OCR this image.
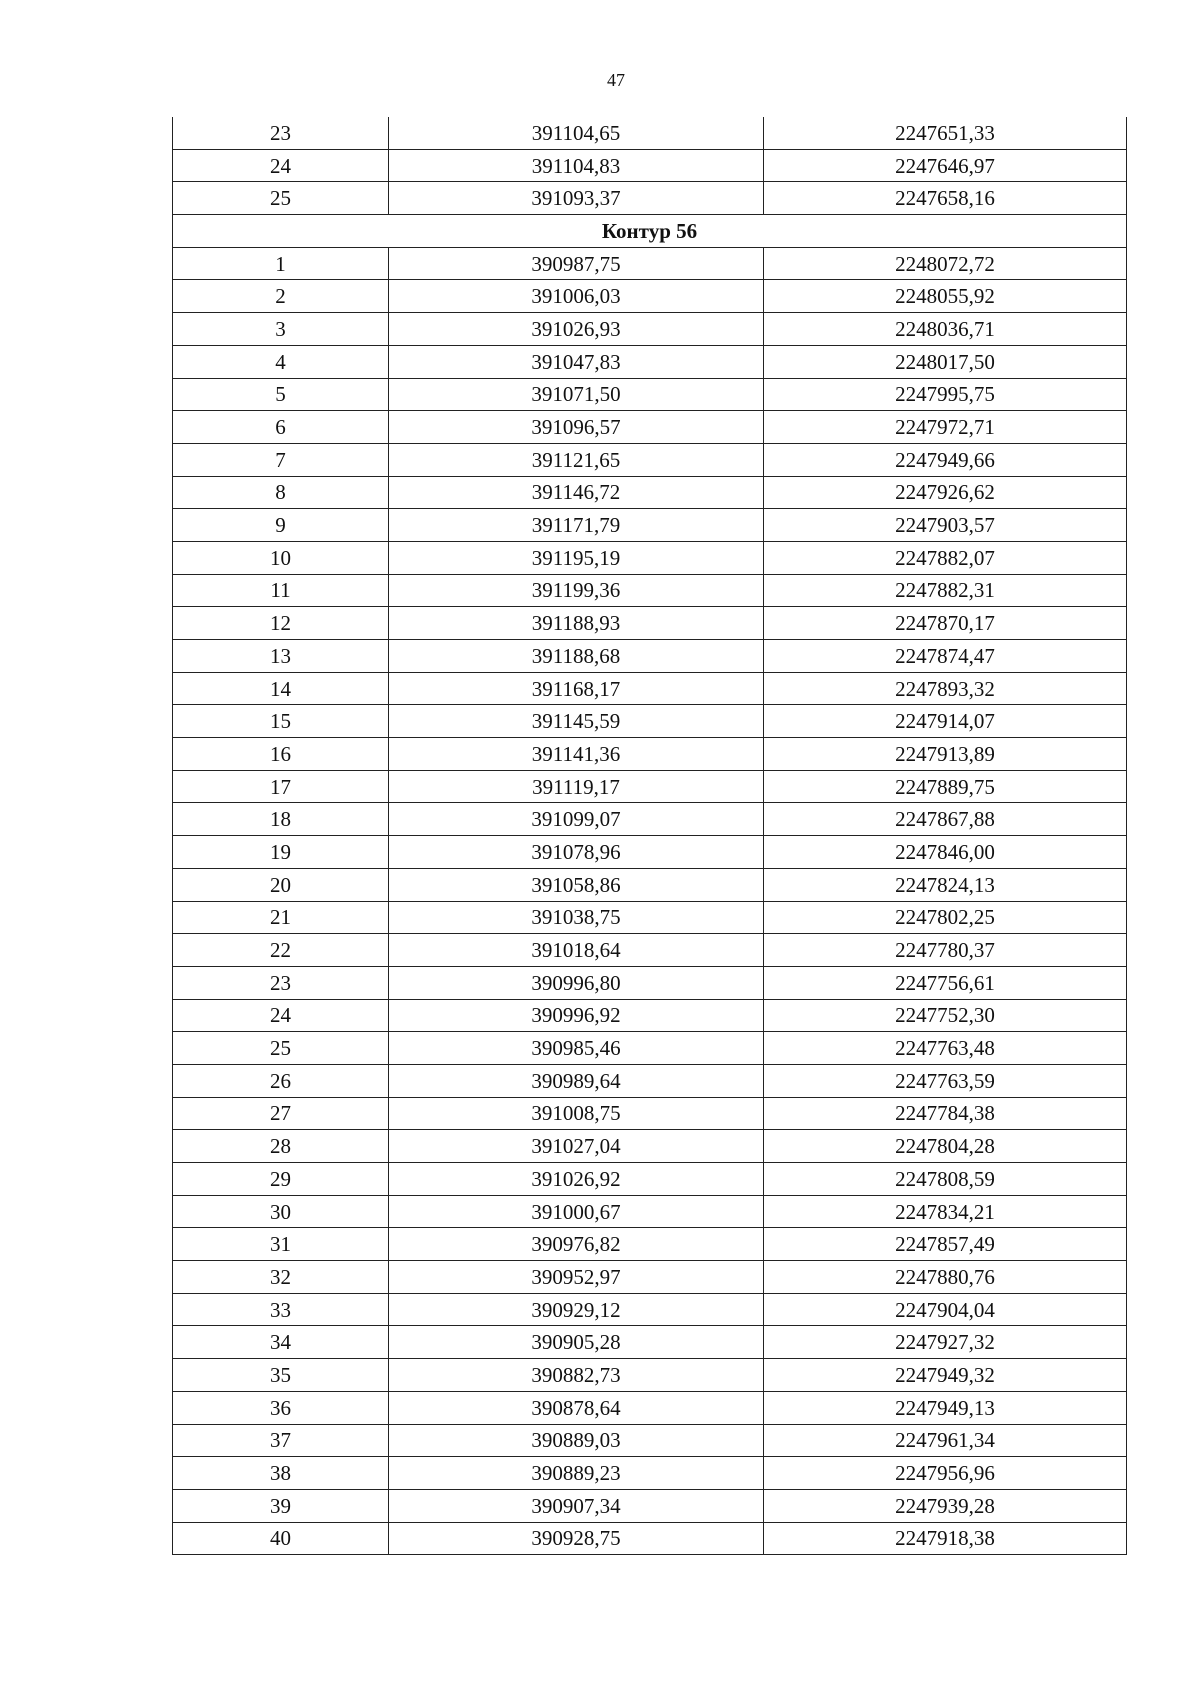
47
23	391104,65	2247651,33
24	391104,83	2247646,97
25	391093,37	2247658,16
Контур 56		
1	390987,75	2248072,72
2	391006,03	2248055,92
3	391026,93	2248036,71
4	391047,83	2248017,50
5	391071,50	2247995,75
6	391096,57	2247972,71
7	391121,65	2247949,66
8	391146,72	2247926,62
9	391171,79	2247903,57
10	391195,19	2247882,07
11	391199,36	2247882,31
12	391188,93	2247870,17
13	391188,68	2247874,47
14	391168,17	2247893,32
15	391145,59	2247914,07
16	391141,36	2247913,89
17	391119,17	2247889,75
18	391099,07	2247867,88
19	391078,96	2247846,00
20	391058,86	2247824,13
21	391038,75	2247802,25
22	391018,64	2247780,37
23	390996,80	2247756,61
24	390996,92	2247752,30
25	390985,46	2247763,48
26	390989,64	2247763,59
27	391008,75	2247784,38
28	391027,04	2247804,28
29	391026,92	2247808,59
30	391000,67	2247834,21
31	390976,82	2247857,49
32	390952,97	2247880,76
33	390929,12	2247904,04
34	390905,28	2247927,32
35	390882,73	2247949,32
36	390878,64	2247949,13
37	390889,03	2247961,34
38	390889,23	2247956,96
39	390907,34	2247939,28
40	390928,75	2247918,38
